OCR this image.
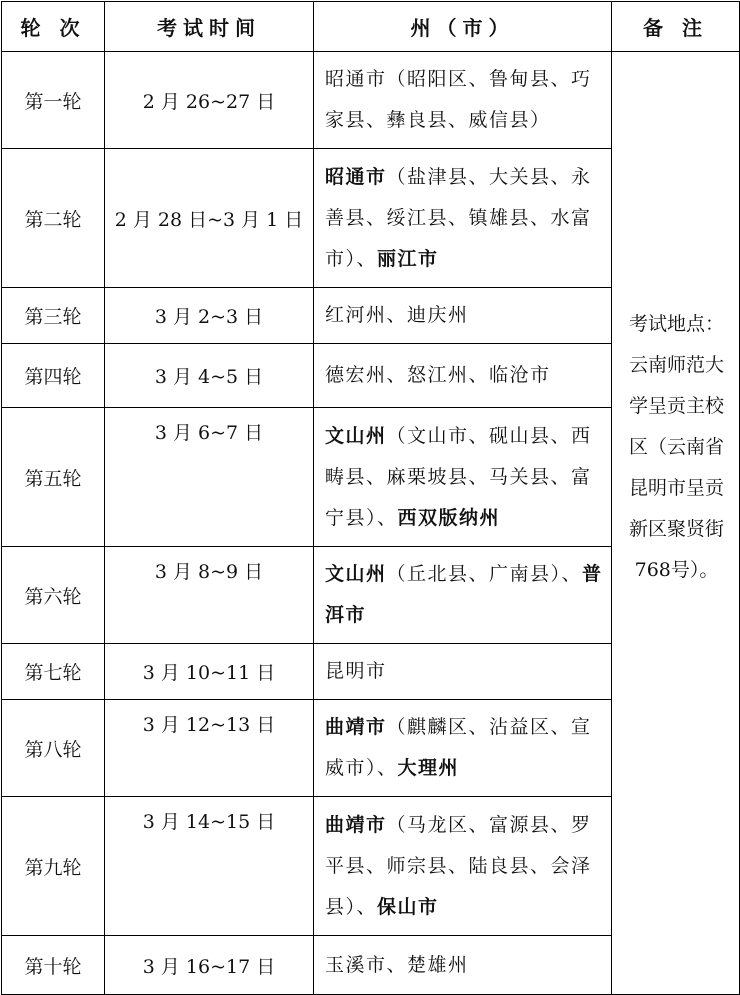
轮 次	考试时间	州（市）	备 注
第一轮	2 月 26~27 日	昭通市（昭阳区、鲁甸县、巧家县、彝良县、威信县）	考试地点：云南师范大学呈贡主校区（云南省昆明市呈贡新区聚贤街768号）。
第二轮	2 月 28 日~3 月 1 日	昭通市（盐津县、大关县、永善县、绥江县、镇雄县、水富市）、丽江市	
第三轮	3 月 2~3 日	红河州、迪庆州	
第四轮	3 月 4~5 日	德宏州、怒江州、临沧市	
第五轮	3 月 6~7 日	文山州（文山市、砚山县、西畴县、麻栗坡县、马关县、富宁县）、西双版纳州	
第六轮	3 月 8~9 日	文山州（丘北县、广南县）、普洱市	
第七轮	3 月 10~11 日	昆明市	
第八轮	3 月 12~13 日	曲靖市（麒麟区、沾益区、宣威市）、大理州	
第九轮	3 月 14~15 日	曲靖市（马龙区、富源县、罗平县、师宗县、陆良县、会泽县）、保山市	
第十轮	3 月 16~17 日	玉溪市、楚雄州	
